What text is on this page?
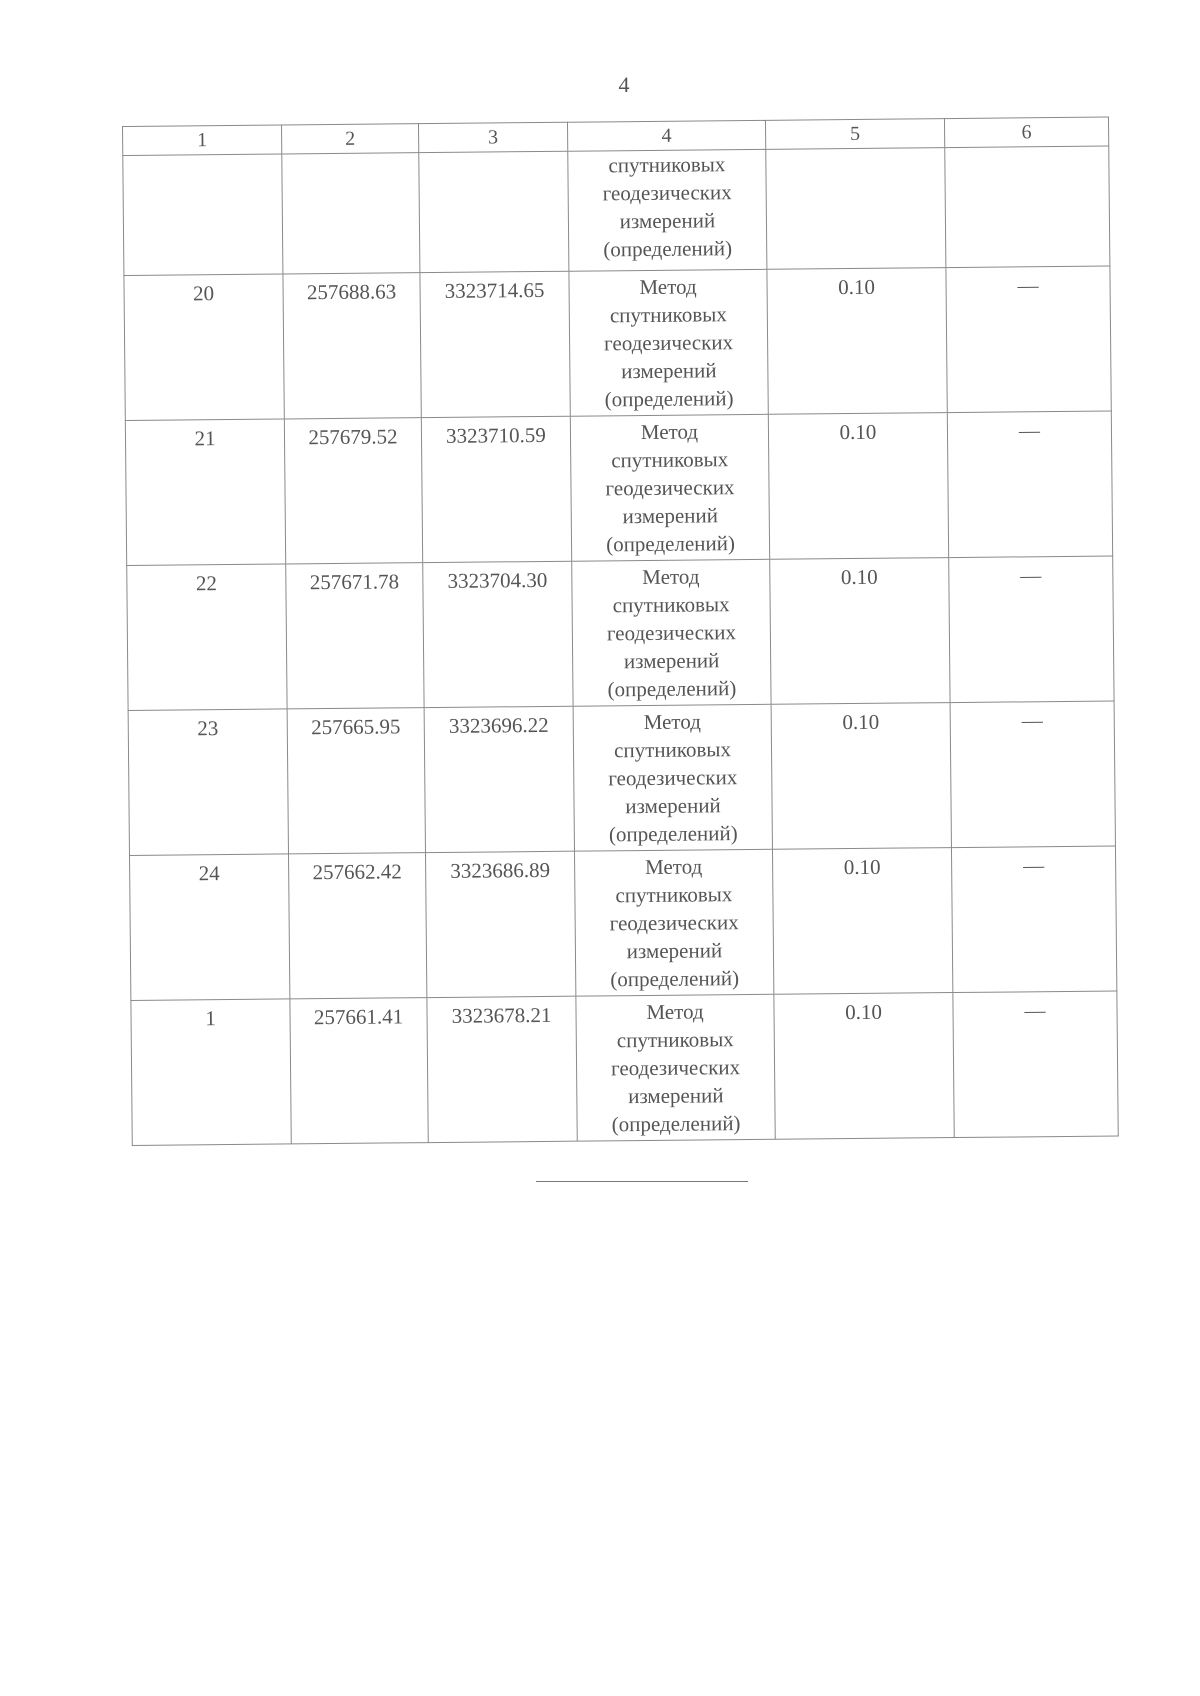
4
1	2	3	4	5	6
			спутниковых
геодезических
измерений
(определений)		
20	257688.63	3323714.65	Метод
спутниковых
геодезических
измерений
(определений)	0.10	—
21	257679.52	3323710.59	Метод
спутниковых
геодезических
измерений
(определений)	0.10	—
22	257671.78	3323704.30	Метод
спутниковых
геодезических
измерений
(определений)	0.10	—
23	257665.95	3323696.22	Метод
спутниковых
геодезических
измерений
(определений)	0.10	—
24	257662.42	3323686.89	Метод
спутниковых
геодезических
измерений
(определений)	0.10	—
1	257661.41	3323678.21	Метод
спутниковых
геодезических
измерений
(определений)	0.10	—
